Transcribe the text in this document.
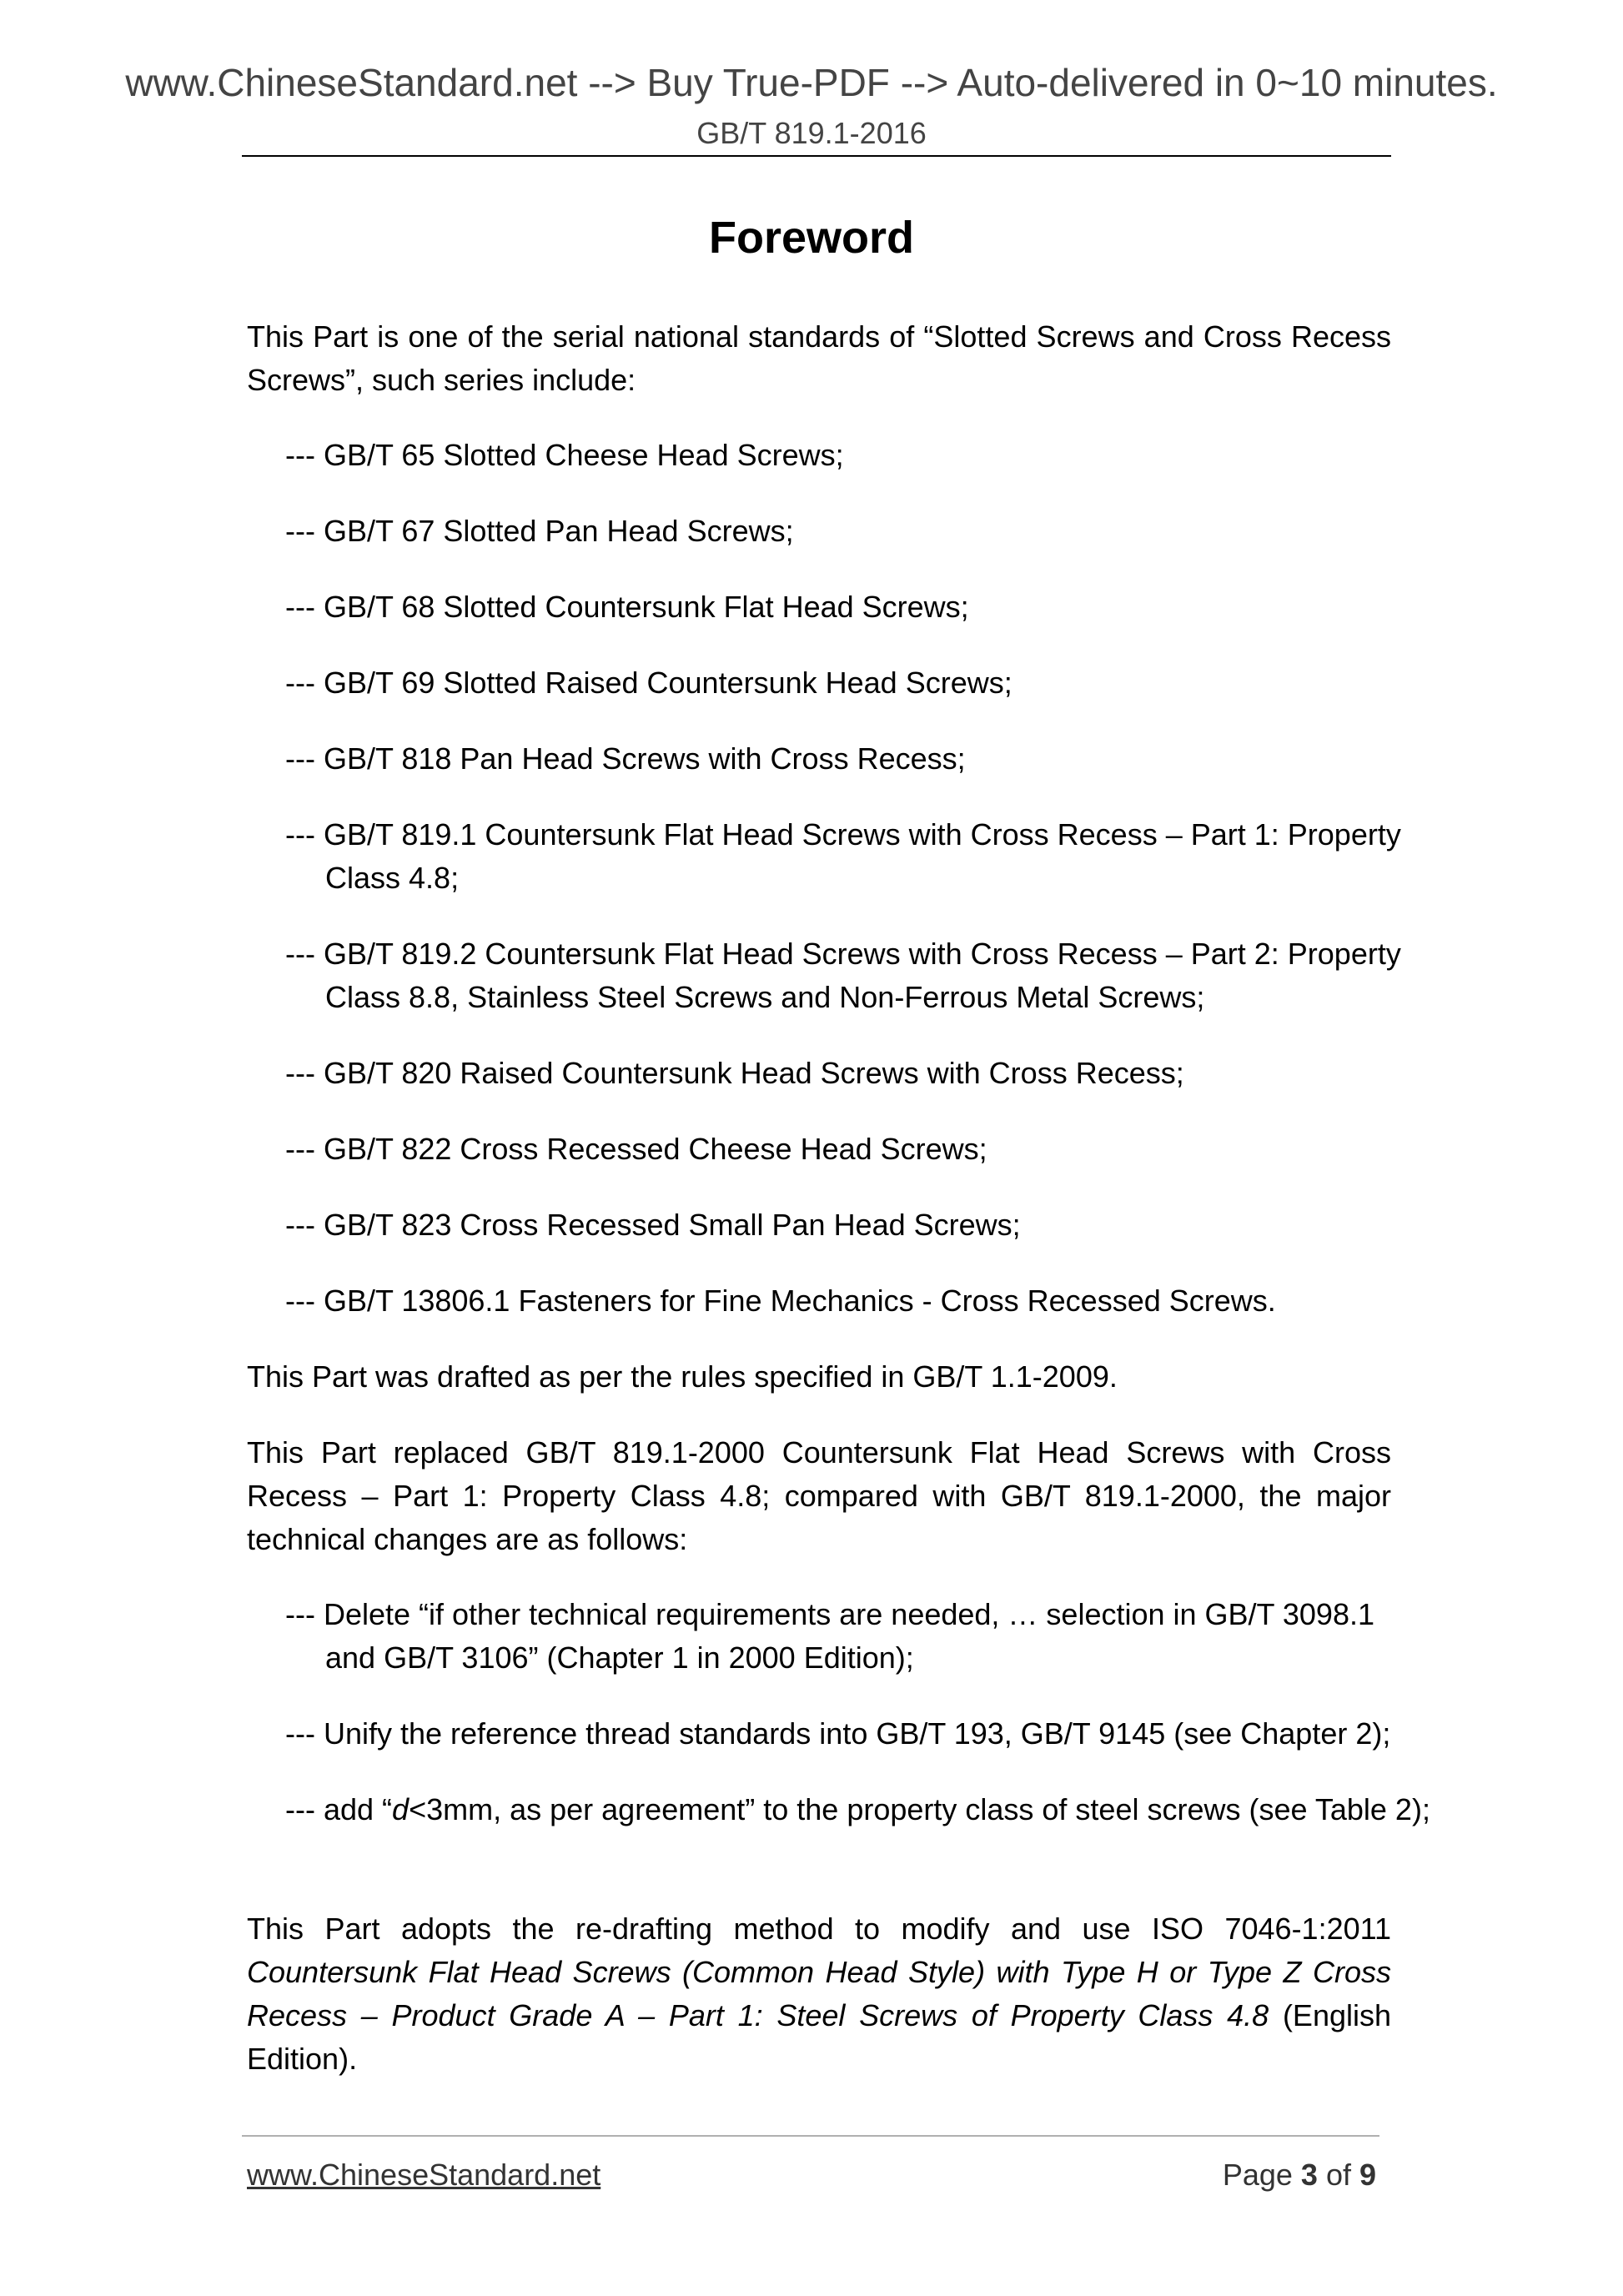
www.ChineseStandard.net --> Buy True-PDF --> Auto-delivered in 0~10 minutes.
GB/T 819.1-2016
Foreword

This Part is one of the serial national standards of “Slotted Screws and Cross Recess Screws”, such series include:

--- GB/T 65 Slotted Cheese Head Screws;

--- GB/T 67 Slotted Pan Head Screws;

--- GB/T 68 Slotted Countersunk Flat Head Screws;

--- GB/T 69 Slotted Raised Countersunk Head Screws;

--- GB/T 818 Pan Head Screws with Cross Recess;

--- GB/T 819.1 Countersunk Flat Head Screws with Cross Recess – Part 1: Property Class 4.8;

--- GB/T 819.2 Countersunk Flat Head Screws with Cross Recess – Part 2: Property Class 8.8, Stainless Steel Screws and Non-Ferrous Metal Screws;

--- GB/T 820 Raised Countersunk Head Screws with Cross Recess;

--- GB/T 822 Cross Recessed Cheese Head Screws;

--- GB/T 823 Cross Recessed Small Pan Head Screws;

--- GB/T 13806.1 Fasteners for Fine Mechanics - Cross Recessed Screws.

This Part was drafted as per the rules specified in GB/T 1.1-2009.

This Part replaced GB/T 819.1-2000 Countersunk Flat Head Screws with Cross Recess – Part 1: Property Class 4.8; compared with GB/T 819.1-2000, the major technical changes are as follows:

--- Delete “if other technical requirements are needed, … selection in GB/T 3098.1 and GB/T 3106” (Chapter 1 in 2000 Edition);

--- Unify the reference thread standards into GB/T 193, GB/T 9145 (see Chapter 2);

--- add “d<3mm, as per agreement” to the property class of steel screws (see Table 2);

This Part adopts the re-drafting method to modify and use ISO 7046-1:2011 Countersunk Flat Head Screws (Common Head Style) with Type H or Type Z Cross Recess – Product Grade A – Part 1: Steel Screws of Property Class 4.8 (English Edition).

www.ChineseStandard.net	Page 3 of 9
